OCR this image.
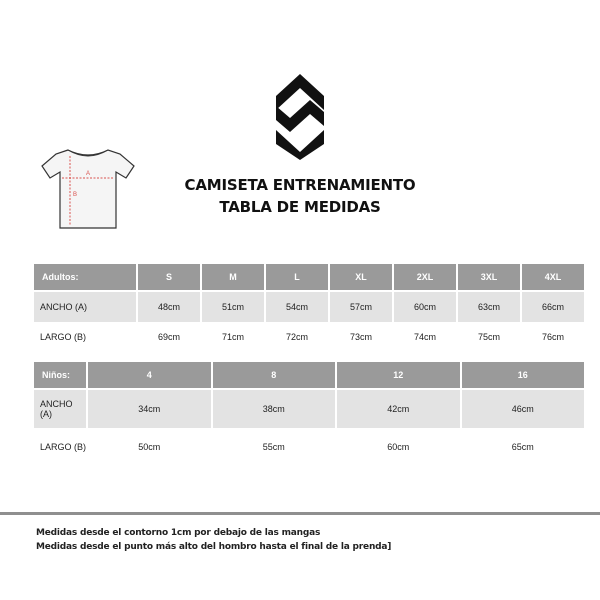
A
B
CAMISETA ENTRENAMIENTO
TABLA DE MEDIDAS
Adultos:	S	M	L	XL	2XL	3XL	4XL
ANCHO (A)	48cm	51cm	54cm	57cm	60cm	63cm	66cm
LARGO (B)	69cm	71cm	72cm	73cm	74cm	75cm	76cm
Niños:	4	8	12	16
ANCHO (A)	34cm	38cm	42cm	46cm
LARGO (B)	50cm	55cm	60cm	65cm
Medidas desde el contorno 1cm por debajo de las mangas
Medidas desde el punto más alto del hombro hasta el final de la prenda]
